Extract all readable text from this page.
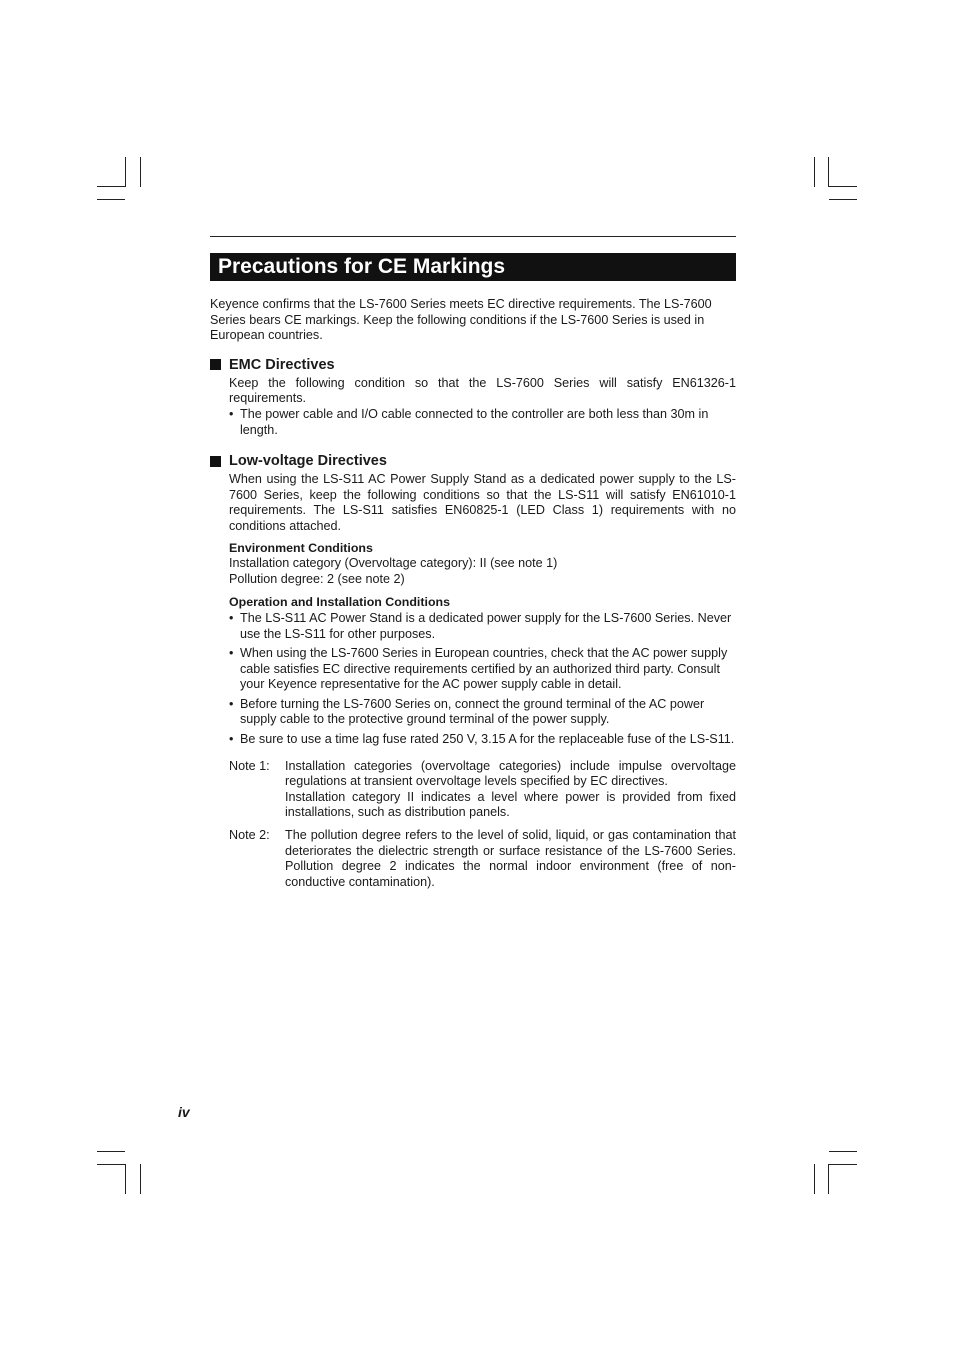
Precautions for CE Markings

Keyence confirms that the LS-7600 Series meets EC directive requirements. The LS-7600 Series bears CE markings. Keep the following conditions if the LS-7600 Series is used in European countries.

EMC Directives

Keep the following condition so that the LS-7600 Series will satisfy EN61326-1 requirements.

• The power cable and I/O cable connected to the controller are both less than 30m in length.
Low-voltage Directives

When using the LS-S11 AC Power Supply Stand as a dedicated power supply to the LS-7600 Series, keep the following conditions so that the LS-S11 will satisfy EN61010-1 requirements. The LS-S11 satisfies EN60825-1 (LED Class 1) requirements with no conditions attached.

Environment Conditions

Installation category (Overvoltage category): II (see note 1)

Pollution degree: 2 (see note 2)

Operation and Installation Conditions
• The LS-S11 AC Power Stand is a dedicated power supply for the LS-7600 Series. Never use the LS-S11 for other purposes.
• When using the LS-7600 Series in European countries, check that the AC power supply cable satisfies EC directive requirements certified by an authorized third party. Consult your Keyence representative for the AC power supply cable in detail.
• Before turning the LS-7600 Series on, connect the ground terminal of the AC power supply cable to the protective ground terminal of the power supply.
• Be sure to use a time lag fuse rated 250 V, 3.15 A for the replaceable fuse of the LS-S11.
Note 1:	Installation categories (overvoltage categories) include impulse overvoltage regulations at transient overvoltage levels specified by EC directives.

Installation category II indicates a level where power is provided from fixed installations, such as distribution panels.

Note 2:	The pollution degree refers to the level of solid, liquid, or gas contamination that deteriorates the dielectric strength or surface resistance of the LS-7600 Series. Pollution degree 2 indicates the normal indoor environment (free of non-conductive contamination).

iv
